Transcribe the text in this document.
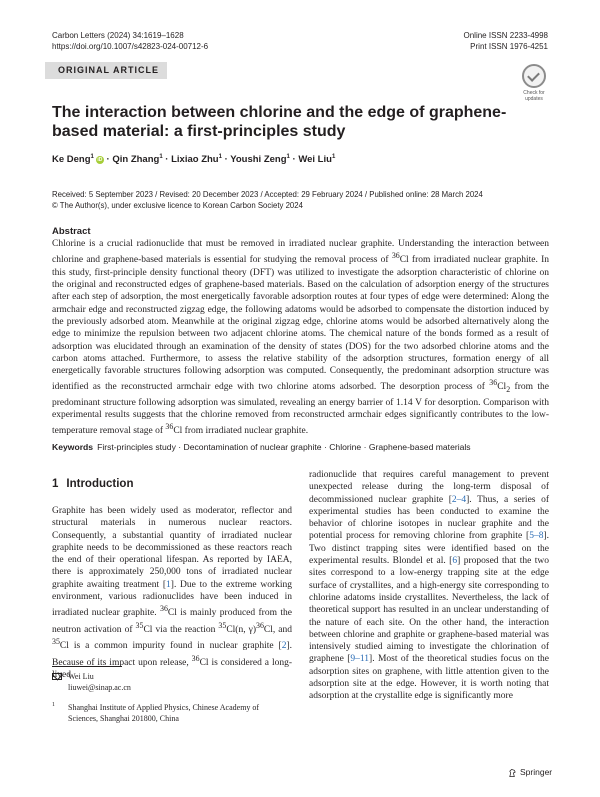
Carbon Letters (2024) 34:1619–1628
https://doi.org/10.1007/s42823-024-00712-6
Online ISSN 2233-4998
Print ISSN 1976-4251
ORIGINAL ARTICLE
Check for updates
The interaction between chlorine and the edge of graphene-based material: a first-principles study
Ke Deng$^1$ iD · Qin Zhang$^1$ · Lixiao Zhu$^1$ · Youshi Zeng$^1$ · Wei Liu$^1$
Received: 5 September 2023 / Revised: 20 December 2023 / Accepted: 29 February 2024 / Published online: 28 March 2024
© The Author(s), under exclusive licence to Korean Carbon Society 2024
Abstract
Chlorine is a crucial radionuclide that must be removed in irradiated nuclear graphite. Understanding the interaction between chlorine and graphene-based materials is essential for studying the removal process of $^{36}$Cl from irradiated nuclear graphite. In this study, first-principle density functional theory (DFT) was utilized to investigate the adsorption characteristic of chlorine on the original and reconstructed edges of graphene-based materials. Based on the calculation of adsorption energy of the structures after each step of adsorption, the most energetically favorable adsorption routes at four types of edge were determined: Along the armchair edge and reconstructed zigzag edge, the following adatoms would be adsorbed to compensate the distortion induced by the previously adsorbed atom. Meanwhile at the original zigzag edge, chlorine atoms would be adsorbed alternatively along the edge to minimize the repulsion between two adjacent chlorine atoms. The chemical nature of the bonds formed as a result of adsorption was elucidated through an examination of the density of states (DOS) for the two adsorbed chlorine atoms and the carbon atoms attached. Furthermore, to assess the relative stability of the adsorption structures, formation energy of all energetically favorable structures following adsorption was computed. Consequently, the predominant adsorption structure was identified as the reconstructed armchair edge with two chlorine atoms adsorbed. The desorption process of $^{36}Cl_2$ from the predominant structure following adsorption was simulated, revealing an energy barrier of 1.14 V for desorption. Comparison with experimental results suggests that the chlorine removed from reconstructed armchair edges significantly contributes to the low-temperature removal stage of $^{36}$Cl from irradiated nuclear graphite.
Keywords First-principles study · Decontamination of nuclear graphite · Chlorine · Graphene-based materials
1 Introduction
Graphite has been widely used as moderator, reflector and structural materials in numerous nuclear reactors. Consequently, a substantial quantity of irradiated nuclear graphite needs to be decommissioned as these reactors reach the end of their operational lifespan. As reported by IAEA, there is approximately 250,000 tons of irradiated nuclear graphite awaiting treatment [1]. Due to the extreme working environment, various radionuclides have been induced in irradiated nuclear graphite. $^{36}$Cl is mainly produced from the neutron activation of $^{35}$Cl via the reaction $^{35}$Cl(n, γ)$^{36}$Cl, and $^{35}$Cl is a common impurity found in nuclear graphite [2]. Because of its impact upon release, $^{36}$Cl is considered a long-lived
radionuclide that requires careful management to prevent unexpected release during the long-term disposal of decommissioned nuclear graphite [2–4]. Thus, a series of experimental studies has been conducted to examine the behavior of chlorine isotopes in nuclear graphite and the potential process for removing chlorine from graphite [5–8]. Two distinct trapping sites were identified based on the experimental results. Blondel et al. [6] proposed that the two sites correspond to a low-energy trapping site at the edge surface of crystallites, and a high-energy site corresponding to chlorine adatoms inside crystallites. Nevertheless, the lack of theoretical support has resulted in an unclear understanding of the nature of each site. On the other hand, the interaction between chlorine and graphite or graphene-based material was intensively studied aiming to investigate the chlorination of graphene [9–11]. Most of the theoretical studies focus on the adsorption sites on graphene, with little attention given to the adsorption site at the edge. However, it is worth noting that adsorption at the crystallite edge is significantly more
Wei Liu
liuwei@sinap.ac.cn
1 Shanghai Institute of Applied Physics, Chinese Academy of Sciences, Shanghai 201800, China
Springer
